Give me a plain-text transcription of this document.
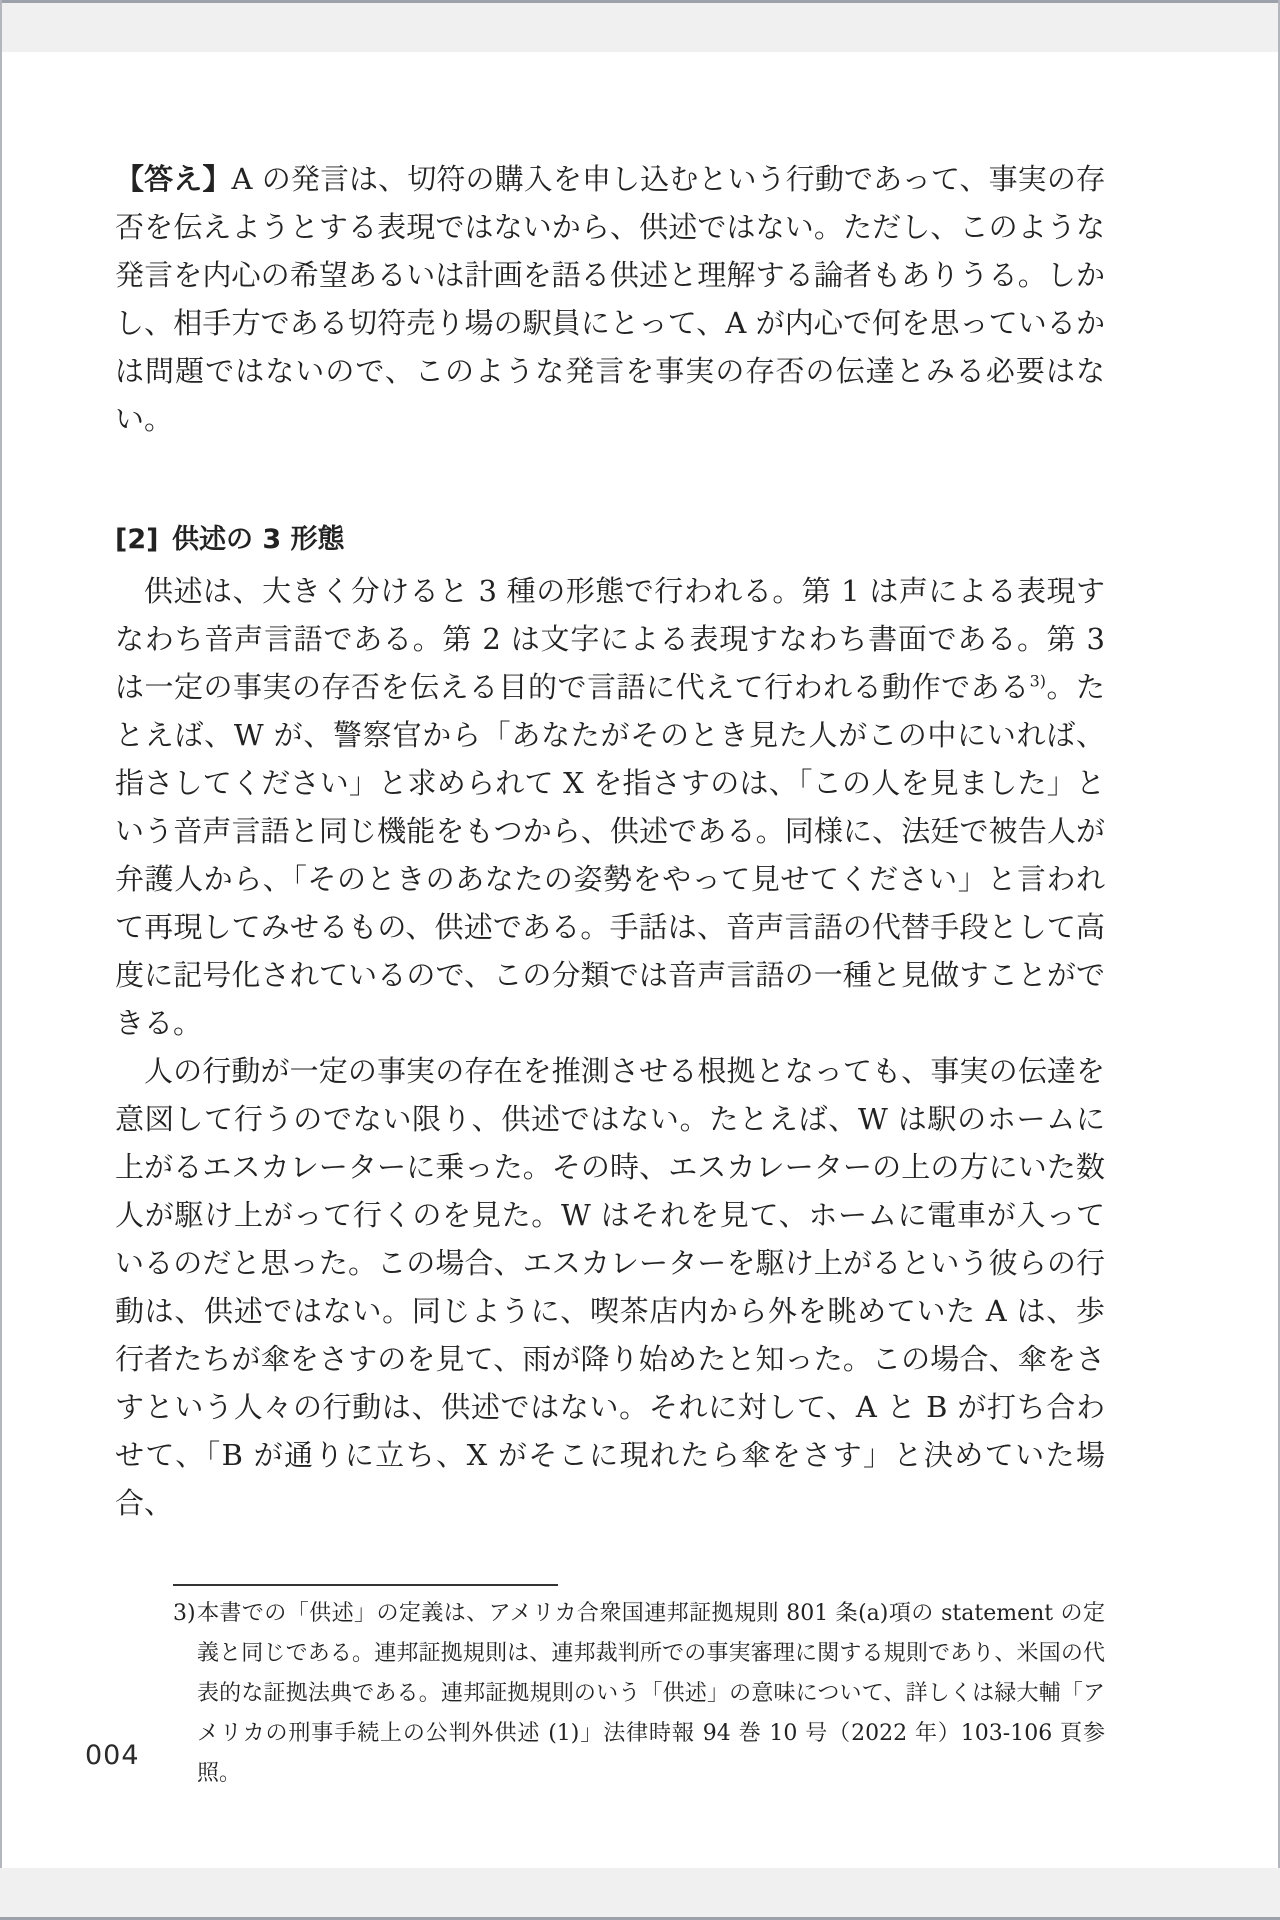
【答え】A の発言は、切符の購入を申し込むという行動であって、事実の存否を伝えようとする表現ではないから、供述ではない。ただし、このような発言を内心の希望あるいは計画を語る供述と理解する論者もありうる。しかし、相手方である切符売り場の駅員にとって、A が内心で何を思っているかは問題ではないので、このような発言を事実の存否の伝達とみる必要はない。

[2] 供述の 3 形態

供述は、大きく分けると 3 種の形態で行われる。第 1 は声による表現すなわち音声言語である。第 2 は文字による表現すなわち書面である。第 3 は一定の事実の存否を伝える目的で言語に代えて行われる動作である$^{3)}$。たとえば、W が、警察官から「あなたがそのとき見た人がこの中にいれば、指さしてください」と求められて X を指さすのは、「この人を見ました」という音声言語と同じ機能をもつから、供述である。同様に、法廷で被告人が弁護人から、「そのときのあなたの姿勢をやって見せてください」と言われて再現してみせるもの、供述である。手話は、音声言語の代替手段として高度に記号化されているので、この分類では音声言語の一種と見做すことができる。

人の行動が一定の事実の存在を推測させる根拠となっても、事実の伝達を意図して行うのでない限り、供述ではない。たとえば、W は駅のホームに上がるエスカレーターに乗った。その時、エスカレーターの上の方にいた数人が駆け上がって行くのを見た。W はそれを見て、ホームに電車が入っているのだと思った。この場合、エスカレーターを駆け上がるという彼らの行動は、供述ではない。同じように、喫茶店内から外を眺めていた A は、歩行者たちが傘をさすのを見て、雨が降り始めたと知った。この場合、傘をさすという人々の行動は、供述ではない。それに対して、A と B が打ち合わせて、「B が通りに立ち、X がそこに現れたら傘をさす」と決めていた場合、

3) 本書での「供述」の定義は、アメリカ合衆国連邦証拠規則 801 条(a)項の statement の定義と同じである。連邦証拠規則は、連邦裁判所での事実審理に関する規則であり、米国の代表的な証拠法典である。連邦証拠規則のいう「供述」の意味について、詳しくは緑大輔「アメリカの刑事手続上の公判外供述 (1)」法律時報 94 巻 10 号（2022 年）103-106 頁参照。
004
